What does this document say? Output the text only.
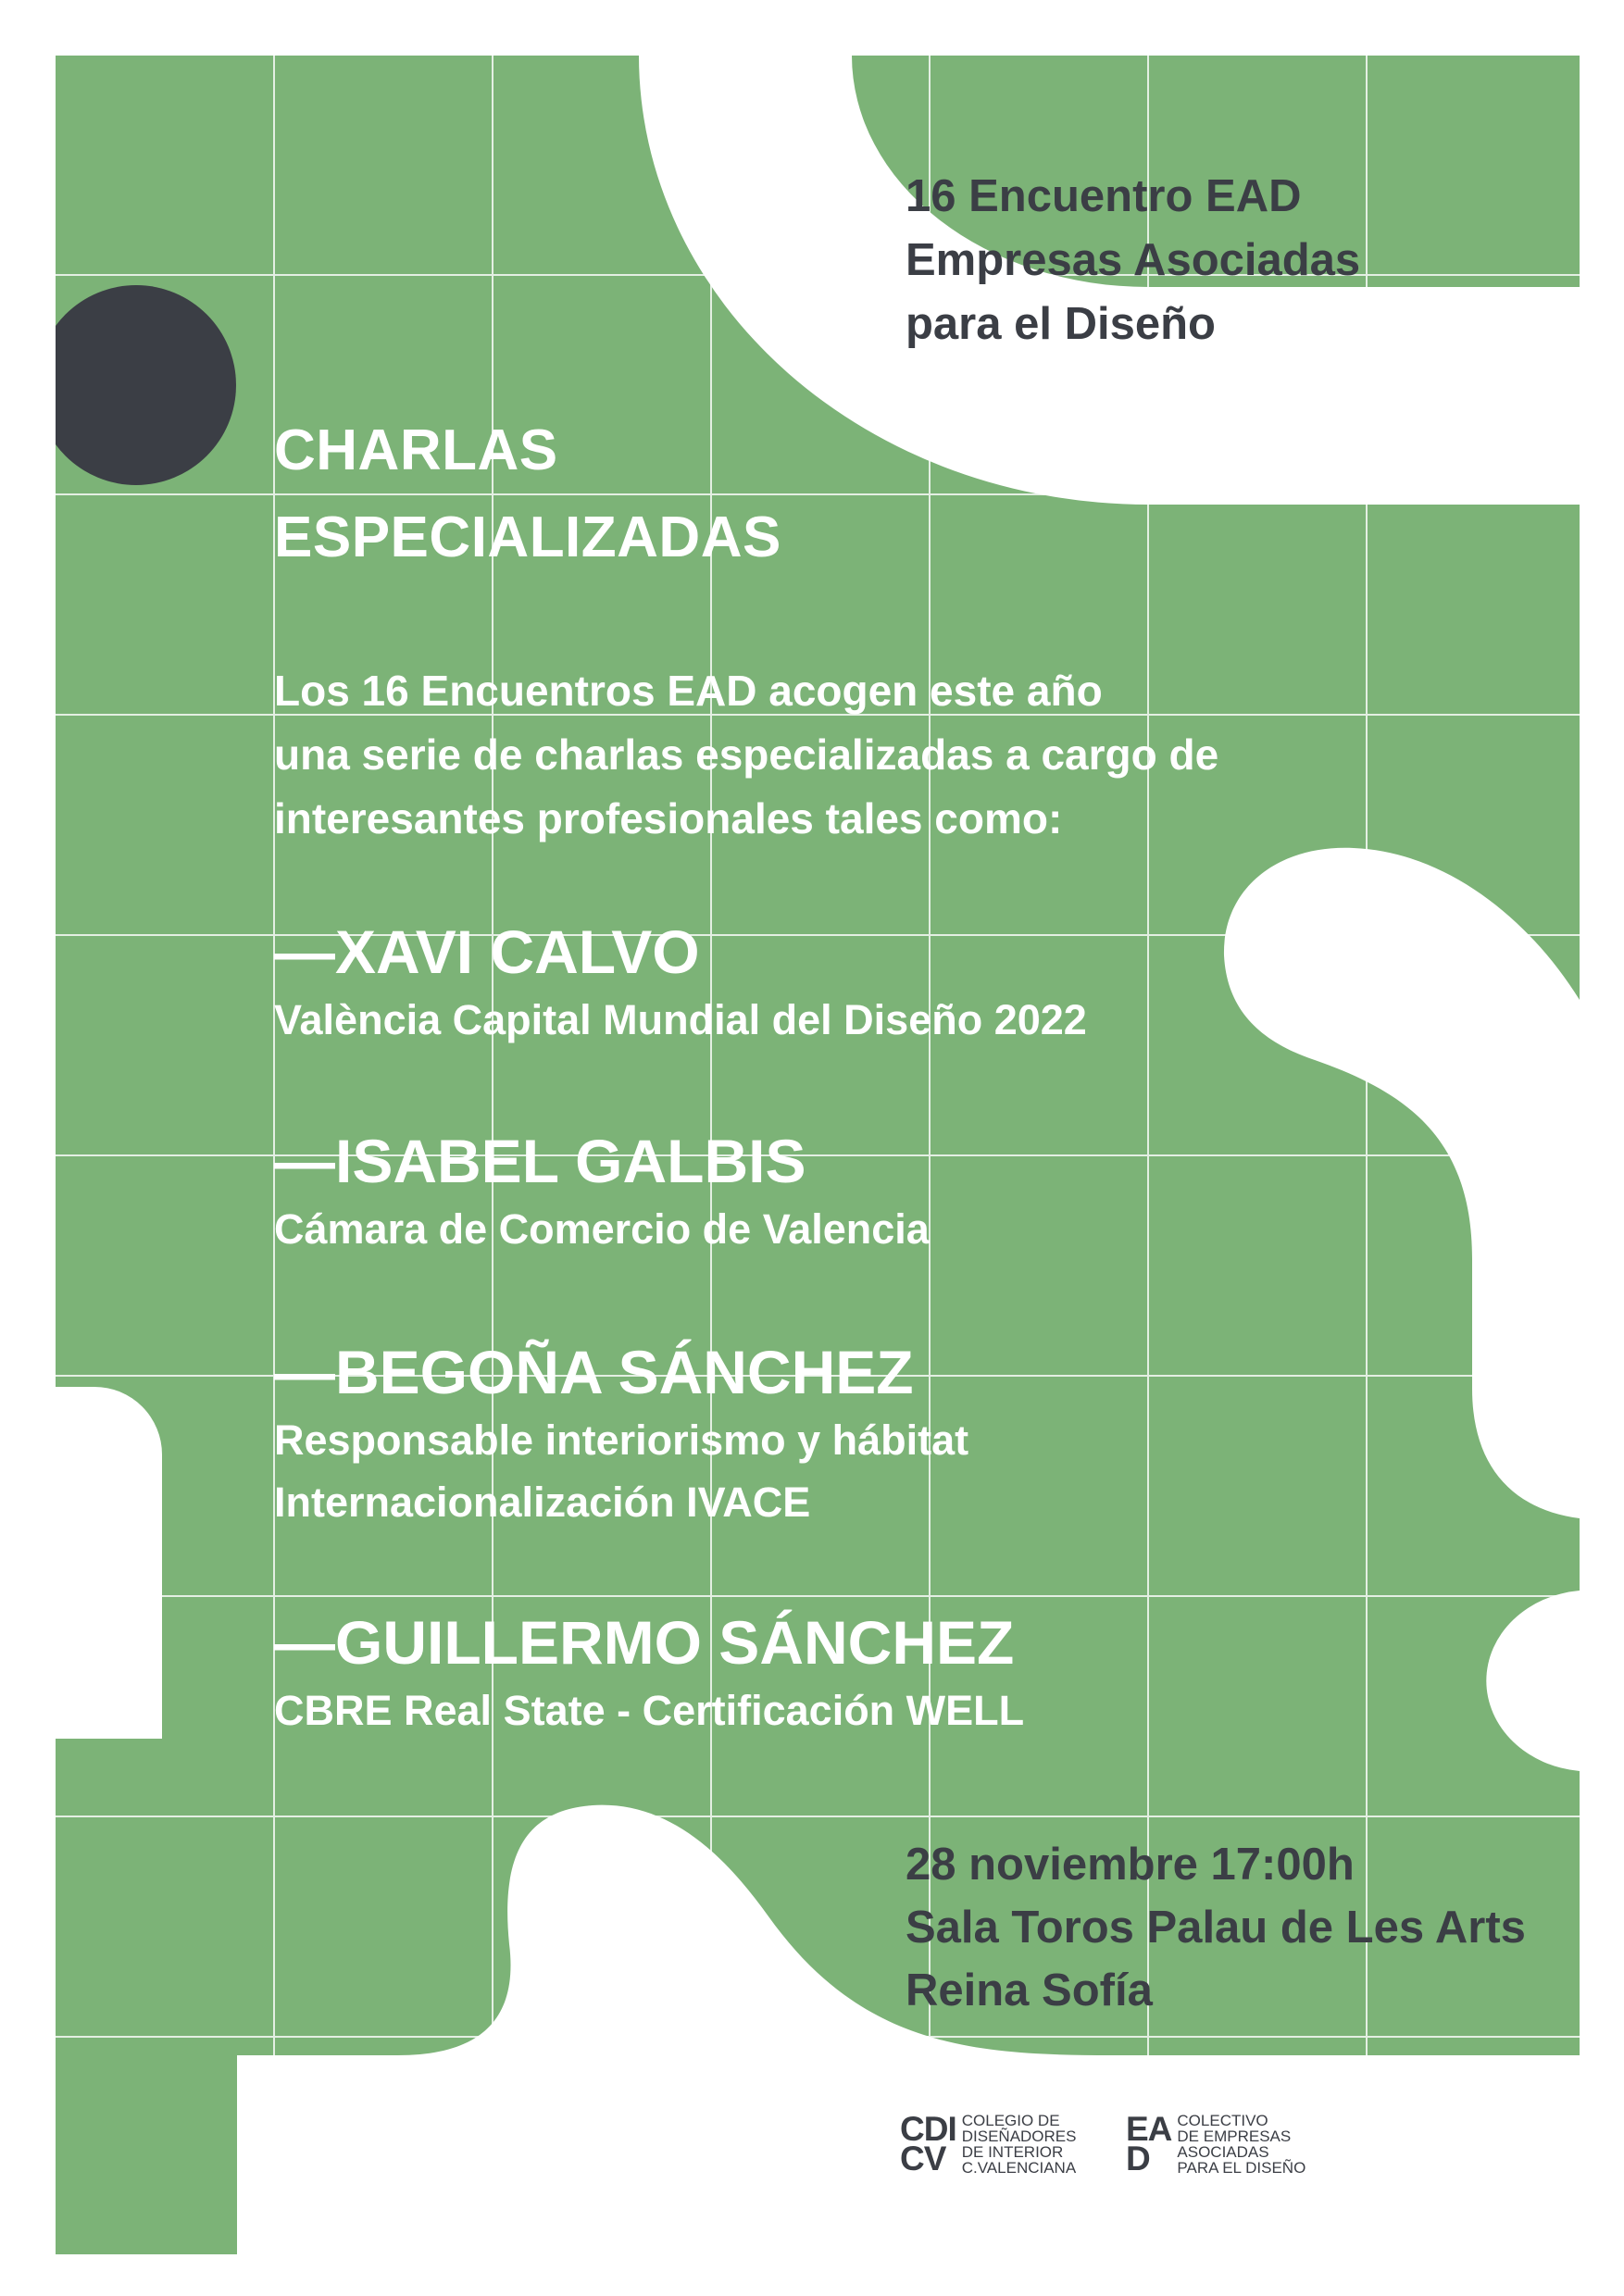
16 Encuentro EAD
Empresas Asociadas
para el Diseño
CHARLAS
ESPECIALIZADAS
Los 16 Encuentros EAD acogen este año
una serie de charlas especializadas a cargo de
interesantes profesionales tales como:
—XAVI CALVO
València Capital Mundial del Diseño 2022
—ISABEL GALBIS
Cámara de Comercio de Valencia
—BEGOÑA SÁNCHEZ
Responsable interiorismo y hábitat
Internacionalización IVACE
—GUILLERMO SÁNCHEZ
CBRE Real State - Certificación WELL
28 noviembre 17:00h
Sala Toros Palau de Les Arts
Reina Sofía
CDI
CV
COLEGIO DE
DISEÑADORES
DE INTERIOR
C.VALENCIANA
EA
D
COLECTIVO
DE EMPRESAS
ASOCIADAS
PARA EL DISEÑO
